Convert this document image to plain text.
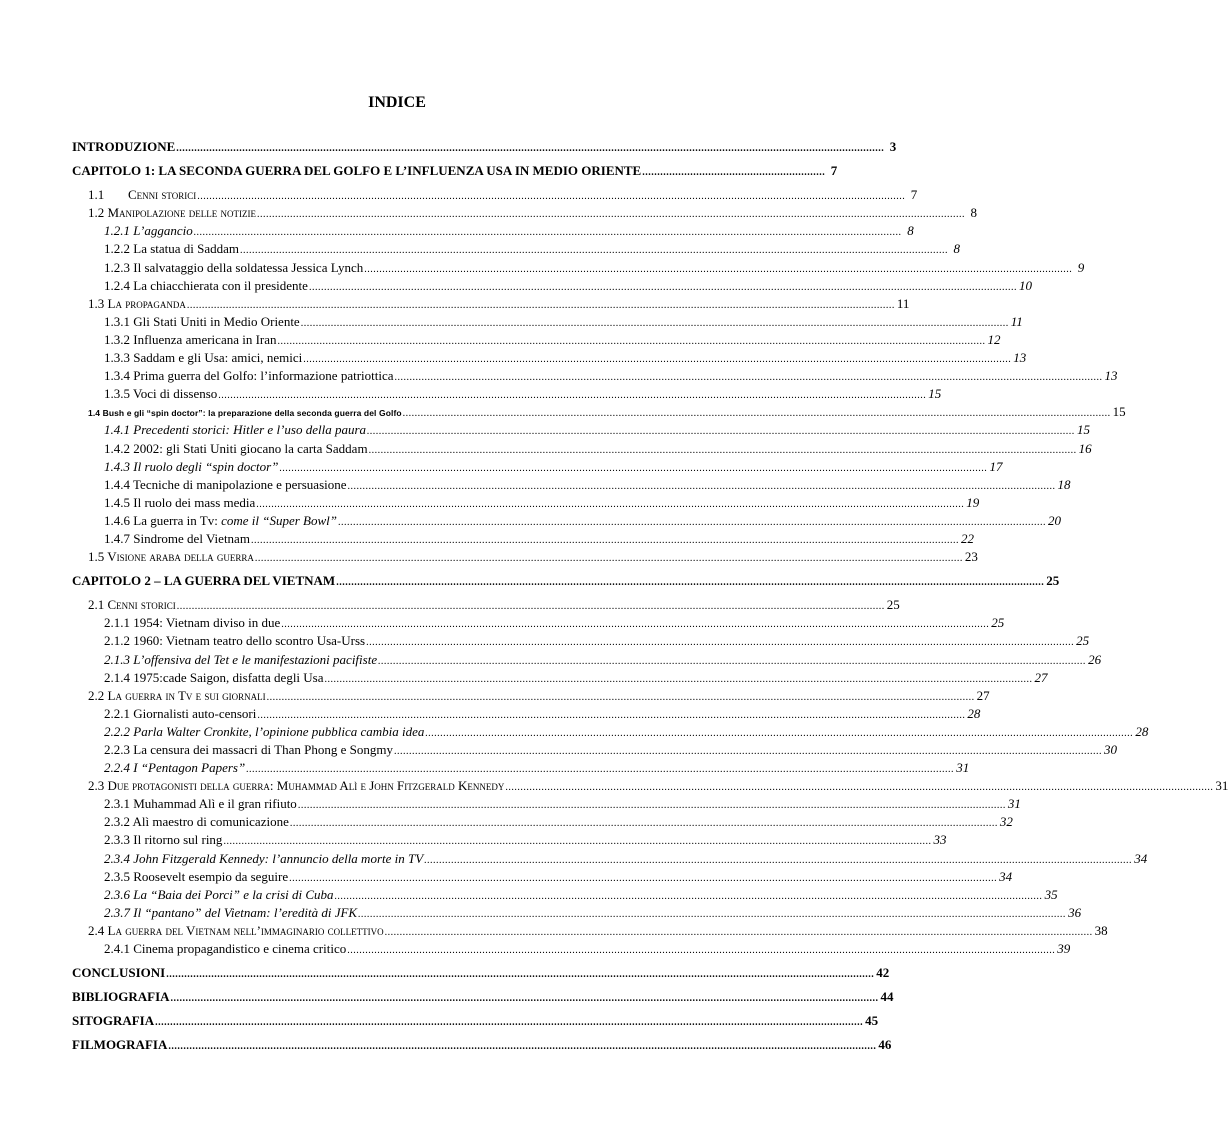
INDICE
INTRODUZIONE ............................................................................................................................................................................................................................................ 3
CAPITOLO 1: LA SECONDA GUERRA DEL GOLFO E L’INFLUENZA USA IN MEDIO ORIENTE ............................................................. 7
1.1 Cenni storici ............................................................................................................................................................................................................................................ 7
1.2 Manipolazione delle notizie ............................................................................................................................................................................................................................................ 8
1.2.1 L’aggancio ............................................................................................................................................................................................................................................ 8
1.2.2 La statua di Saddam ............................................................................................................................................................................................................................................ 8
1.2.3 Il salvataggio della soldatessa Jessica Lynch ............................................................................................................................................................................................................................................ 9
1.2.4 La chiacchierata con il presidente ............................................................................................................................................................................................................................................ 10
1.3 La propaganda ............................................................................................................................................................................................................................................ 11
1.3.1 Gli Stati Uniti in Medio Oriente ............................................................................................................................................................................................................................................ 11
1.3.2 Influenza americana in Iran ............................................................................................................................................................................................................................................ 12
1.3.3 Saddam e gli Usa: amici, nemici ............................................................................................................................................................................................................................................ 13
1.3.4 Prima guerra del Golfo: l’informazione patriottica ............................................................................................................................................................................................................................................ 13
1.3.5 Voci di dissenso ............................................................................................................................................................................................................................................ 15
1.4 Bush e gli “spin doctor”: la preparazione della seconda guerra del Golfo ............................................................................................................................................................................................................................................ 15
1.4.1 Precedenti storici: Hitler e l’uso della paura ............................................................................................................................................................................................................................................ 15
1.4.2 2002: gli Stati Uniti giocano la carta Saddam ............................................................................................................................................................................................................................................ 16
1.4.3 Il ruolo degli “spin doctor” ............................................................................................................................................................................................................................................ 17
1.4.4 Tecniche di manipolazione e persuasione ............................................................................................................................................................................................................................................ 18
1.4.5 Il ruolo dei mass media ............................................................................................................................................................................................................................................ 19
1.4.6 La guerra in Tv: come il “Super Bowl” ............................................................................................................................................................................................................................................ 20
1.4.7 Sindrome del Vietnam ............................................................................................................................................................................................................................................ 22
1.5 Visione araba della guerra ............................................................................................................................................................................................................................................ 23
CAPITOLO 2 – LA GUERRA DEL VIETNAM ............................................................................................................................................................................................................................................ 25
2.1 Cenni storici ............................................................................................................................................................................................................................................ 25
2.1.1 1954: Vietnam diviso in due ............................................................................................................................................................................................................................................ 25
2.1.2 1960: Vietnam teatro dello scontro Usa-Urss ............................................................................................................................................................................................................................................ 25
2.1.3 L’offensiva del Tet e le manifestazioni pacifiste ............................................................................................................................................................................................................................................ 26
2.1.4 1975:cade Saigon, disfatta degli Usa ............................................................................................................................................................................................................................................ 27
2.2 La guerra in Tv e sui giornali ............................................................................................................................................................................................................................................ 27
2.2.1 Giornalisti auto-censori ............................................................................................................................................................................................................................................ 28
2.2.2 Parla Walter Cronkite, l’opinione pubblica cambia idea ............................................................................................................................................................................................................................................ 28
2.2.3 La censura dei massacri di Than Phong e Songmy ............................................................................................................................................................................................................................................ 30
2.2.4 I “Pentagon Papers” ............................................................................................................................................................................................................................................ 31
2.3 Due protagonisti della guerra: Muhammad Alì e John Fitzgerald Kennedy ............................................................................................................................................................................................................................................ 31
2.3.1 Muhammad Alì e il gran rifiuto ............................................................................................................................................................................................................................................ 31
2.3.2 Alì maestro di comunicazione ............................................................................................................................................................................................................................................ 32
2.3.3 Il ritorno sul ring ............................................................................................................................................................................................................................................ 33
2.3.4 John Fitzgerald Kennedy: l’annuncio della morte in TV ............................................................................................................................................................................................................................................ 34
2.3.5 Roosevelt esempio da seguire ............................................................................................................................................................................................................................................ 34
2.3.6 La “Baia dei Porci” e la crisi di Cuba ............................................................................................................................................................................................................................................ 35
2.3.7 Il “pantano” del Vietnam: l’eredità di JFK ............................................................................................................................................................................................................................................ 36
2.4 La guerra del Vietnam nell’immaginario collettivo ............................................................................................................................................................................................................................................ 38
2.4.1 Cinema propagandistico e cinema critico ............................................................................................................................................................................................................................................ 39
CONCLUSIONI ............................................................................................................................................................................................................................................ 42
BIBLIOGRAFIA ............................................................................................................................................................................................................................................ 44
SITOGRAFIA ............................................................................................................................................................................................................................................ 45
FILMOGRAFIA ............................................................................................................................................................................................................................................ 46
